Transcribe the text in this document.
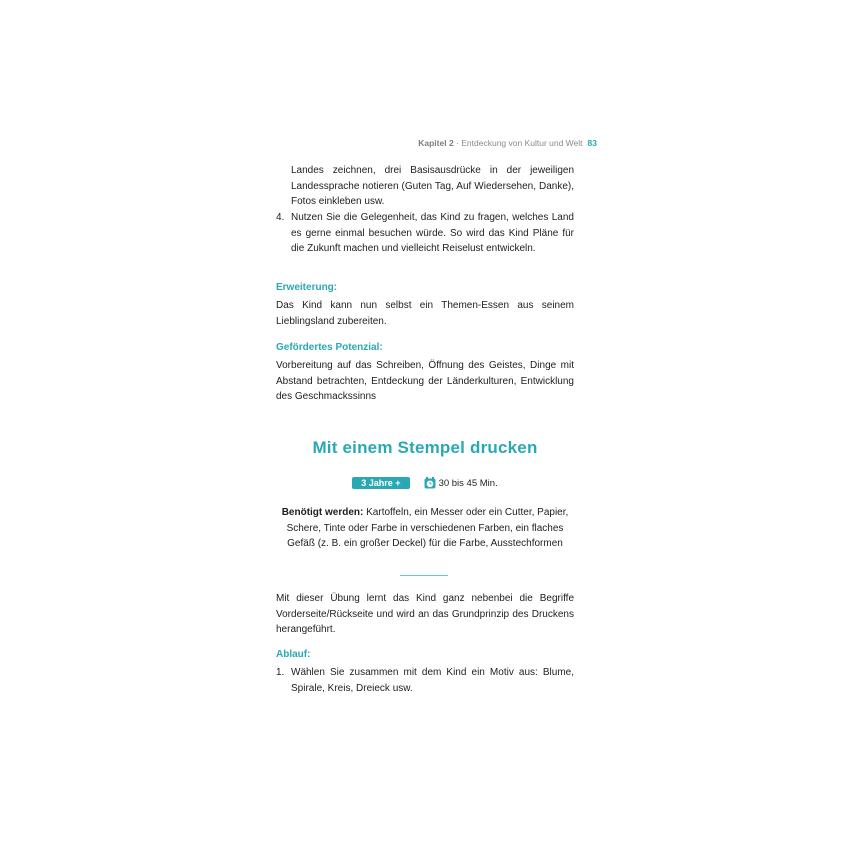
Kapitel 2 · Entdeckung von Kultur und Welt 83
Landes zeichnen, drei Basisausdrücke in der jeweiligen Landessprache notieren (Guten Tag, Auf Wiedersehen, Danke), Fotos einkleben usw.
4. Nutzen Sie die Gelegenheit, das Kind zu fragen, welches Land es gerne einmal besuchen würde. So wird das Kind Pläne für die Zukunft machen und vielleicht Reiselust entwickeln.
Erweiterung:
Das Kind kann nun selbst ein Themen-Essen aus seinem Lieblingsland zubereiten.
Gefördertes Potenzial:
Vorbereitung auf das Schreiben, Öffnung des Geistes, Dinge mit Abstand betrachten, Entdeckung der Länderkulturen, Entwicklung des Geschmackssinns
Mit einem Stempel drucken
3 Jahre +	30 bis 45 Min.
Benötigt werden: Kartoffeln, ein Messer oder ein Cutter, Papier, Schere, Tinte oder Farbe in verschiedenen Farben, ein flaches Gefäß (z. B. ein großer Deckel) für die Farbe, Ausstechformen
Mit dieser Übung lernt das Kind ganz nebenbei die Begriffe Vorderseite/Rückseite und wird an das Grundprinzip des Druckens herangeführt.
Ablauf:
1. Wählen Sie zusammen mit dem Kind ein Motiv aus: Blume, Spirale, Kreis, Dreieck usw.
